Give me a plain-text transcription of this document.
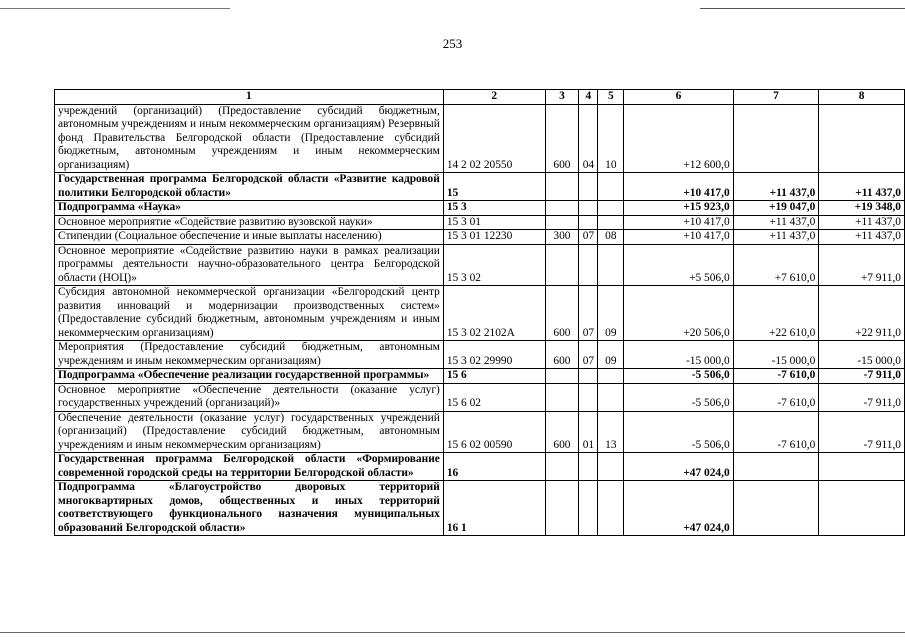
253
1	2	3	4	5	6	7	8
учреждений (организаций) (Предоставление субсидий бюджетным, автономным учреждениям и иным некоммерческим организациям) Резервный фонд Правительства Белгородской области (Предоставление субсидий бюджетным, автономным учреждениям и иным некоммерческим организациям)	14 2 02 20550	600	04	10	+12 600,0		
Государственная программа Белгородской области «Развитие кадровой политики Белгородской области»	15				+10 417,0	+11 437,0	+11 437,0
Подпрограмма «Наука»	15 3				+15 923,0	+19 047,0	+19 348,0
Основное мероприятие «Содействие развитию вузовской науки»	15 3 01				+10 417,0	+11 437,0	+11 437,0
Стипендии (Социальное обеспечение и иные выплаты населению)	15 3 01 12230	300	07	08	+10 417,0	+11 437,0	+11 437,0
Основное мероприятие «Содействие развитию науки в рамках реализации программы деятельности научно-образовательного центра Белгородской области (НОЦ)»	15 3 02				+5 506,0	+7 610,0	+7 911,0
Субсидия автономной некоммерческой организации «Белгородский центр развития инноваций и модернизации производственных систем» (Предоставление субсидий бюджетным, автономным учреждениям и иным некоммерческим организациям)	15 3 02 2102А	600	07	09	+20 506,0	+22 610,0	+22 911,0
Мероприятия (Предоставление субсидий бюджетным, автономным учреждениям и иным некоммерческим организациям)	15 3 02 29990	600	07	09	-15 000,0	-15 000,0	-15 000,0
Подпрограмма «Обеспечение реализации государственной программы»	15 6				-5 506,0	-7 610,0	-7 911,0
Основное мероприятие «Обеспечение деятельности (оказание услуг) государственных учреждений (организаций)»	15 6 02				-5 506,0	-7 610,0	-7 911,0
Обеспечение деятельности (оказание услуг) государственных учреждений (организаций) (Предоставление субсидий бюджетным, автономным учреждениям и иным некоммерческим организациям)	15 6 02 00590	600	01	13	-5 506,0	-7 610,0	-7 911,0
Государственная программа Белгородской области «Формирование современной городской среды на территории Белгородской области»	16				+47 024,0		
Подпрограмма «Благоустройство дворовых территорий многоквартирных домов, общественных и иных территорий соответствующего функционального назначения муниципальных образований Белгородской области»	16 1				+47 024,0		
